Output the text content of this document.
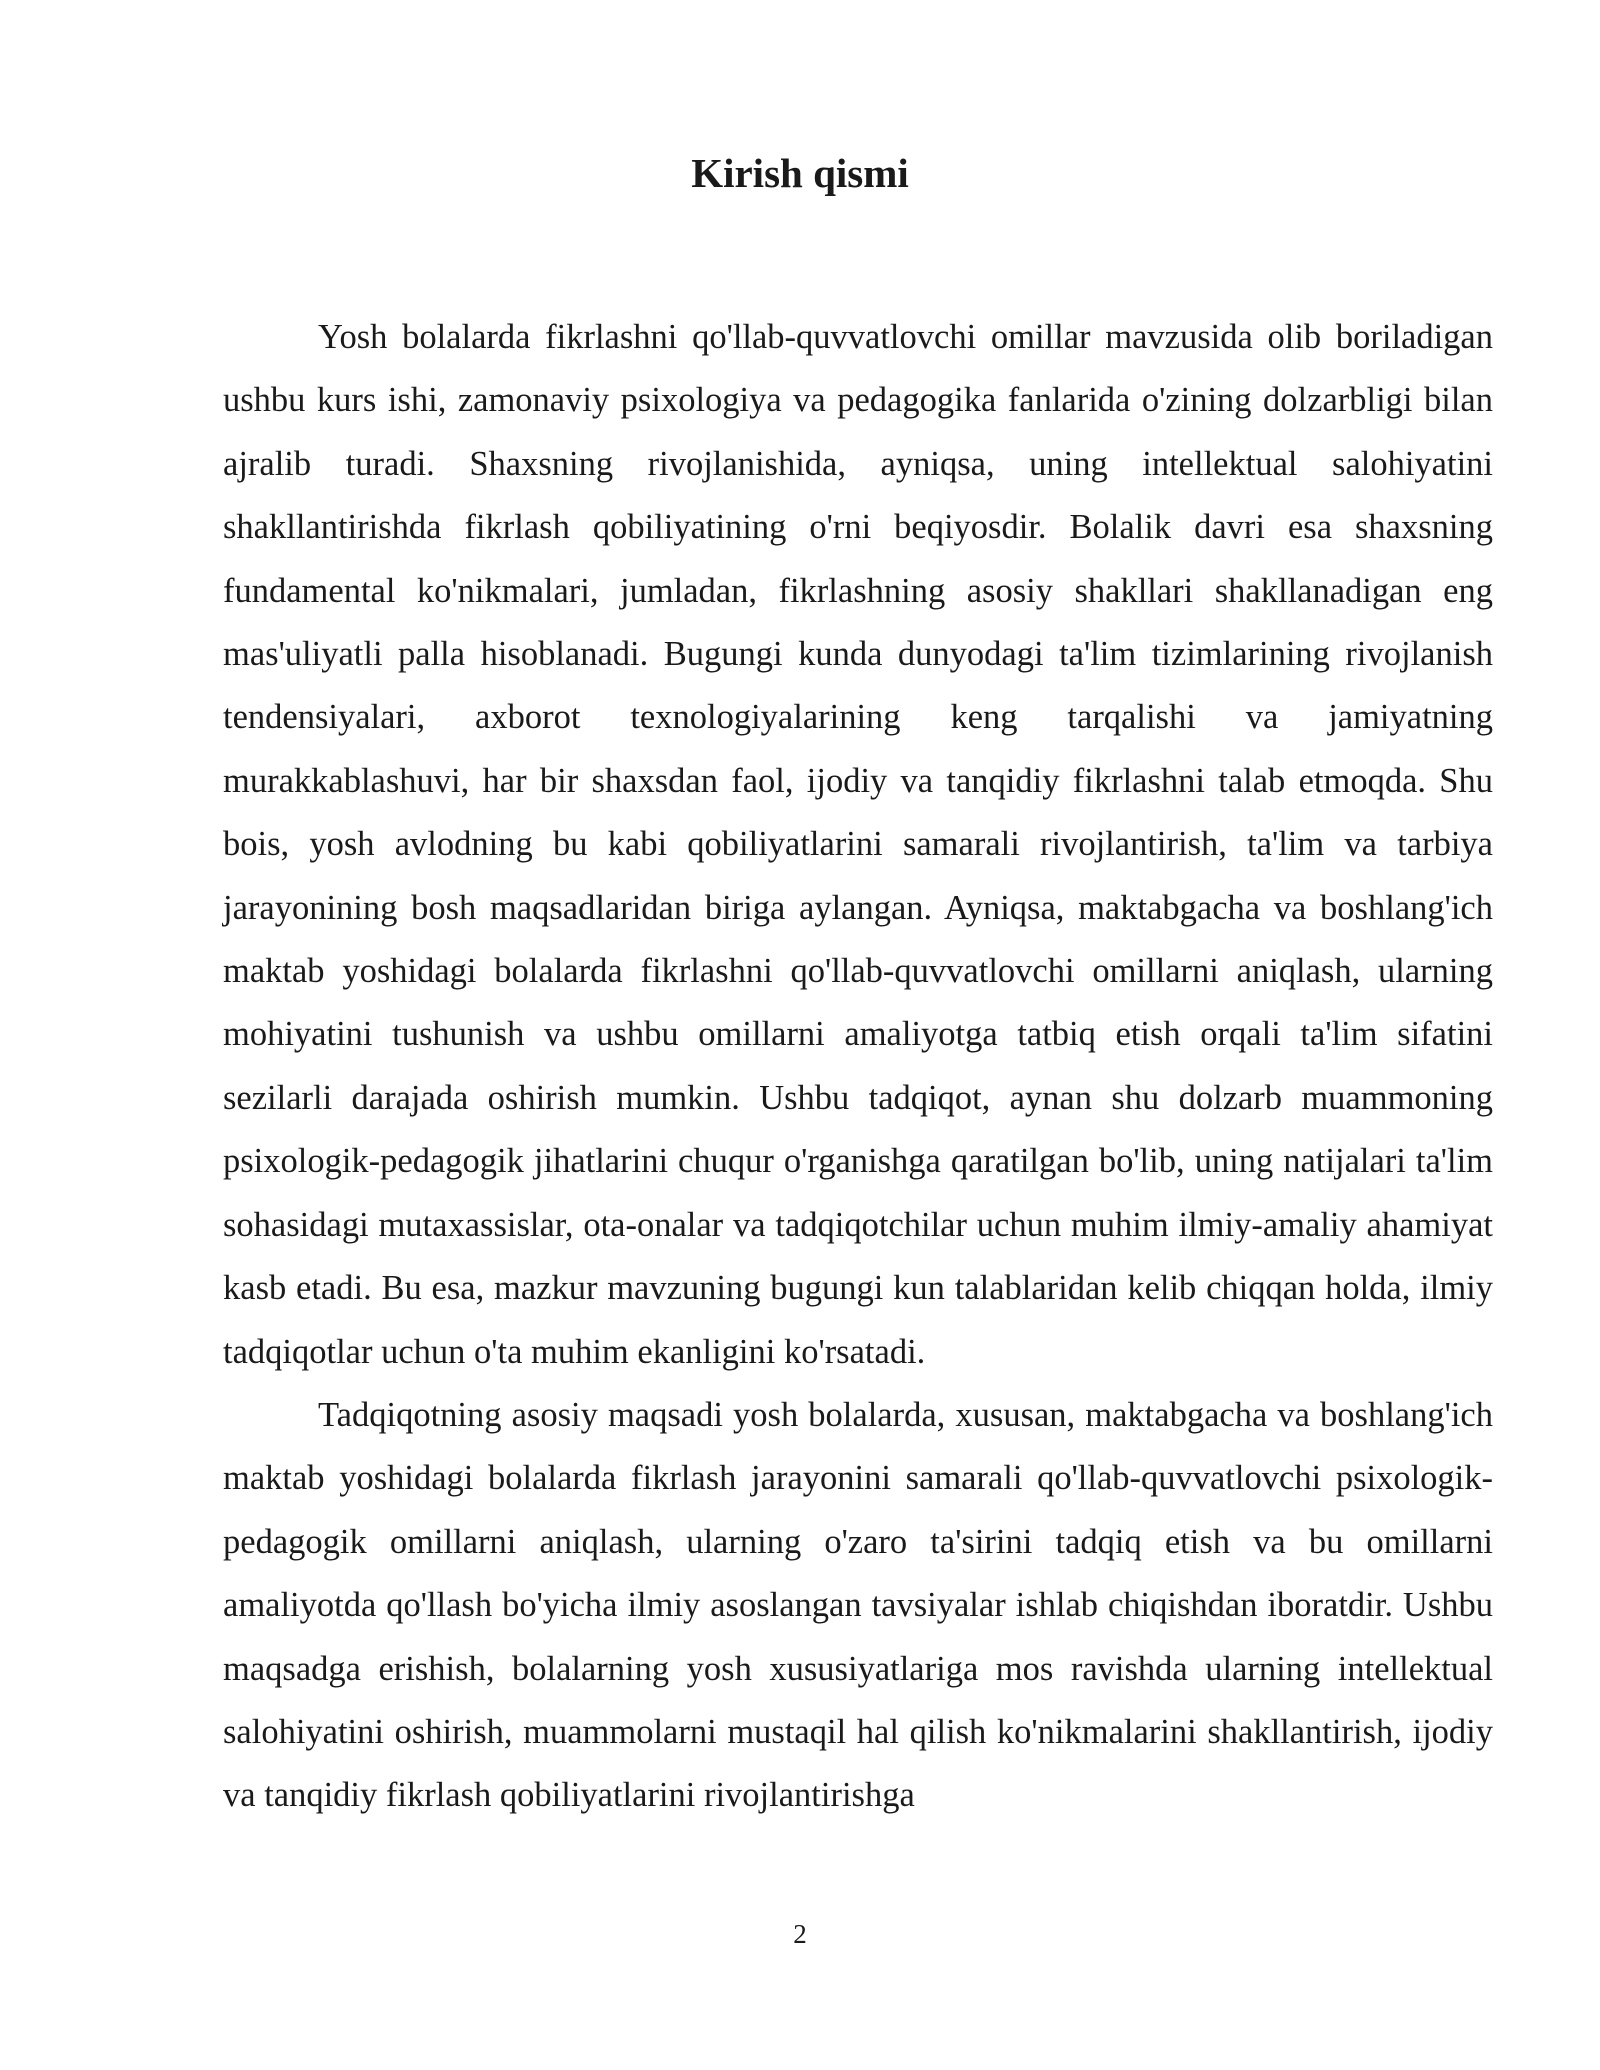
Kirish qismi

Yosh bolalarda fikrlashni qo'llab-quvvatlovchi omillar mavzusida olib boriladigan ushbu kurs ishi, zamonaviy psixologiya va pedagogika fanlarida o'zining dolzarbligi bilan ajralib turadi. Shaxsning rivojlanishida, ayniqsa, uning intellektual salohiyatini shakllantirishda fikrlash qobiliyatining o'rni beqiyosdir. Bolalik davri esa shaxsning fundamental ko'nikmalari, jumladan, fikrlashning asosiy shakllari shakllanadigan eng mas'uliyatli palla hisoblanadi. Bugungi kunda dunyodagi ta'lim tizimlarining rivojlanish tendensiyalari, axborot texnologiyalarining keng tarqalishi va jamiyatning murakkablashuvi, har bir shaxsdan faol, ijodiy va tanqidiy fikrlashni talab etmoqda. Shu bois, yosh avlodning bu kabi qobiliyatlarini samarali rivojlantirish, ta'lim va tarbiya jarayonining bosh maqsadlaridan biriga aylangan. Ayniqsa, maktabgacha va boshlang'ich maktab yoshidagi bolalarda fikrlashni qo'llab-quvvatlovchi omillarni aniqlash, ularning mohiyatini tushunish va ushbu omillarni amaliyotga tatbiq etish orqali ta'lim sifatini sezilarli darajada oshirish mumkin. Ushbu tadqiqot, aynan shu dolzarb muammoning psixologik-pedagogik jihatlarini chuqur o'rganishga qaratilgan bo'lib, uning natijalari ta'lim sohasidagi mutaxassislar, ota-onalar va tadqiqotchilar uchun muhim ilmiy-amaliy ahamiyat kasb etadi. Bu esa, mazkur mavzuning bugungi kun talablaridan kelib chiqqan holda, ilmiy tadqiqotlar uchun o'ta muhim ekanligini ko'rsatadi.

Tadqiqotning asosiy maqsadi yosh bolalarda, xususan, maktabgacha va boshlang'ich maktab yoshidagi bolalarda fikrlash jarayonini samarali qo'llab-quvvatlovchi psixologik-pedagogik omillarni aniqlash, ularning o'zaro ta'sirini tadqiq etish va bu omillarni amaliyotda qo'llash bo'yicha ilmiy asoslangan tavsiyalar ishlab chiqishdan iboratdir. Ushbu maqsadga erishish, bolalarning yosh xususiyatlariga mos ravishda ularning intellektual salohiyatini oshirish, muammolarni mustaqil hal qilish ko'nikmalarini shakllantirish, ijodiy va tanqidiy fikrlash qobiliyatlarini rivojlantirishga

2
